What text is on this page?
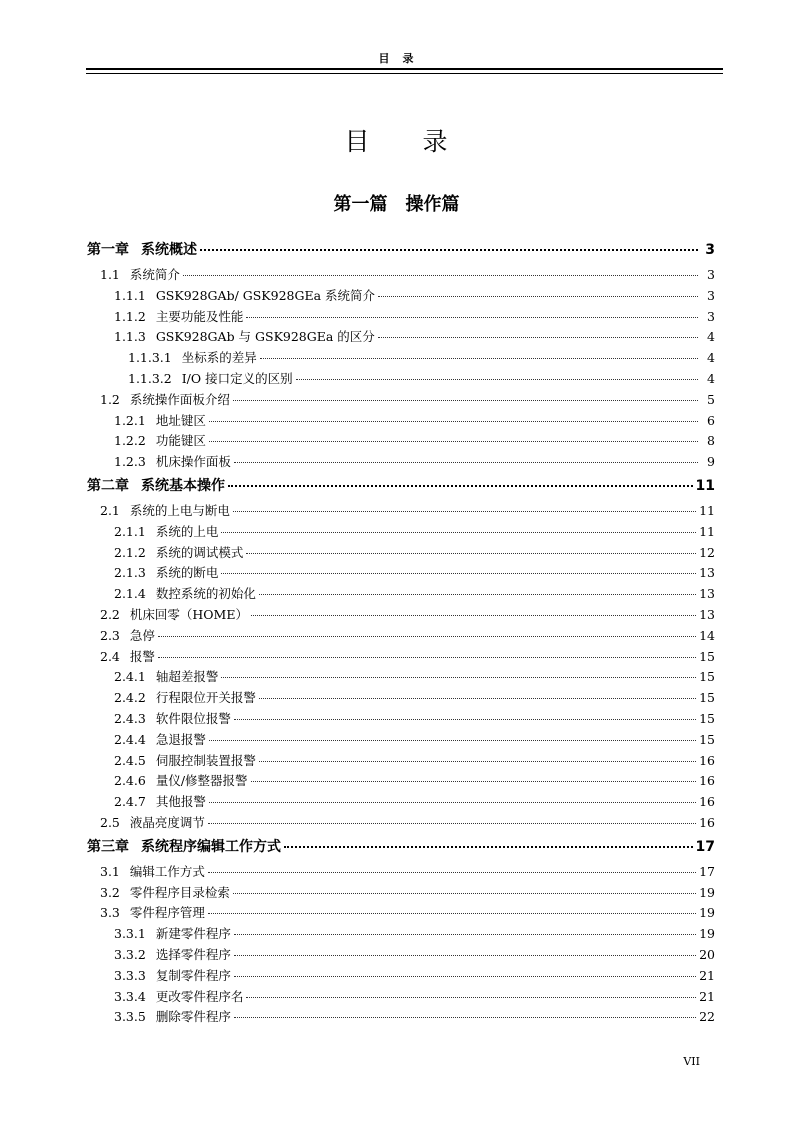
目　录
目　　录
第一篇　操作篇
第一章 系统概述	3
1.1 系统简介	3
1.1.1 GSK928GAb/ GSK928GEa 系统简介	3
1.1.2 主要功能及性能	3
1.1.3 GSK928GAb 与 GSK928GEa 的区分	4
1.1.3.1 坐标系的差异	4
1.1.3.2 I/O 接口定义的区别	4
1.2 系统操作面板介绍	5
1.2.1 地址键区	6
1.2.2 功能键区	8
1.2.3 机床操作面板	9
第二章 系统基本操作	11
2.1 系统的上电与断电	11
2.1.1 系统的上电	11
2.1.2 系统的调试模式	12
2.1.3 系统的断电	13
2.1.4 数控系统的初始化	13
2.2 机床回零（HOME）	13
2.3 急停	14
2.4 报警	15
2.4.1 轴超差报警	15
2.4.2 行程限位开关报警	15
2.4.3 软件限位报警	15
2.4.4 急退报警	15
2.4.5 伺服控制装置报警	16
2.4.6 量仪/修整器报警	16
2.4.7 其他报警	16
2.5 液晶亮度调节	16
第三章 系统程序编辑工作方式	17
3.1 编辑工作方式	17
3.2 零件程序目录检索	19
3.3 零件程序管理	19
3.3.1 新建零件程序	19
3.3.2 选择零件程序	20
3.3.3 复制零件程序	21
3.3.4 更改零件程序名	21
3.3.5 删除零件程序	22
VII
